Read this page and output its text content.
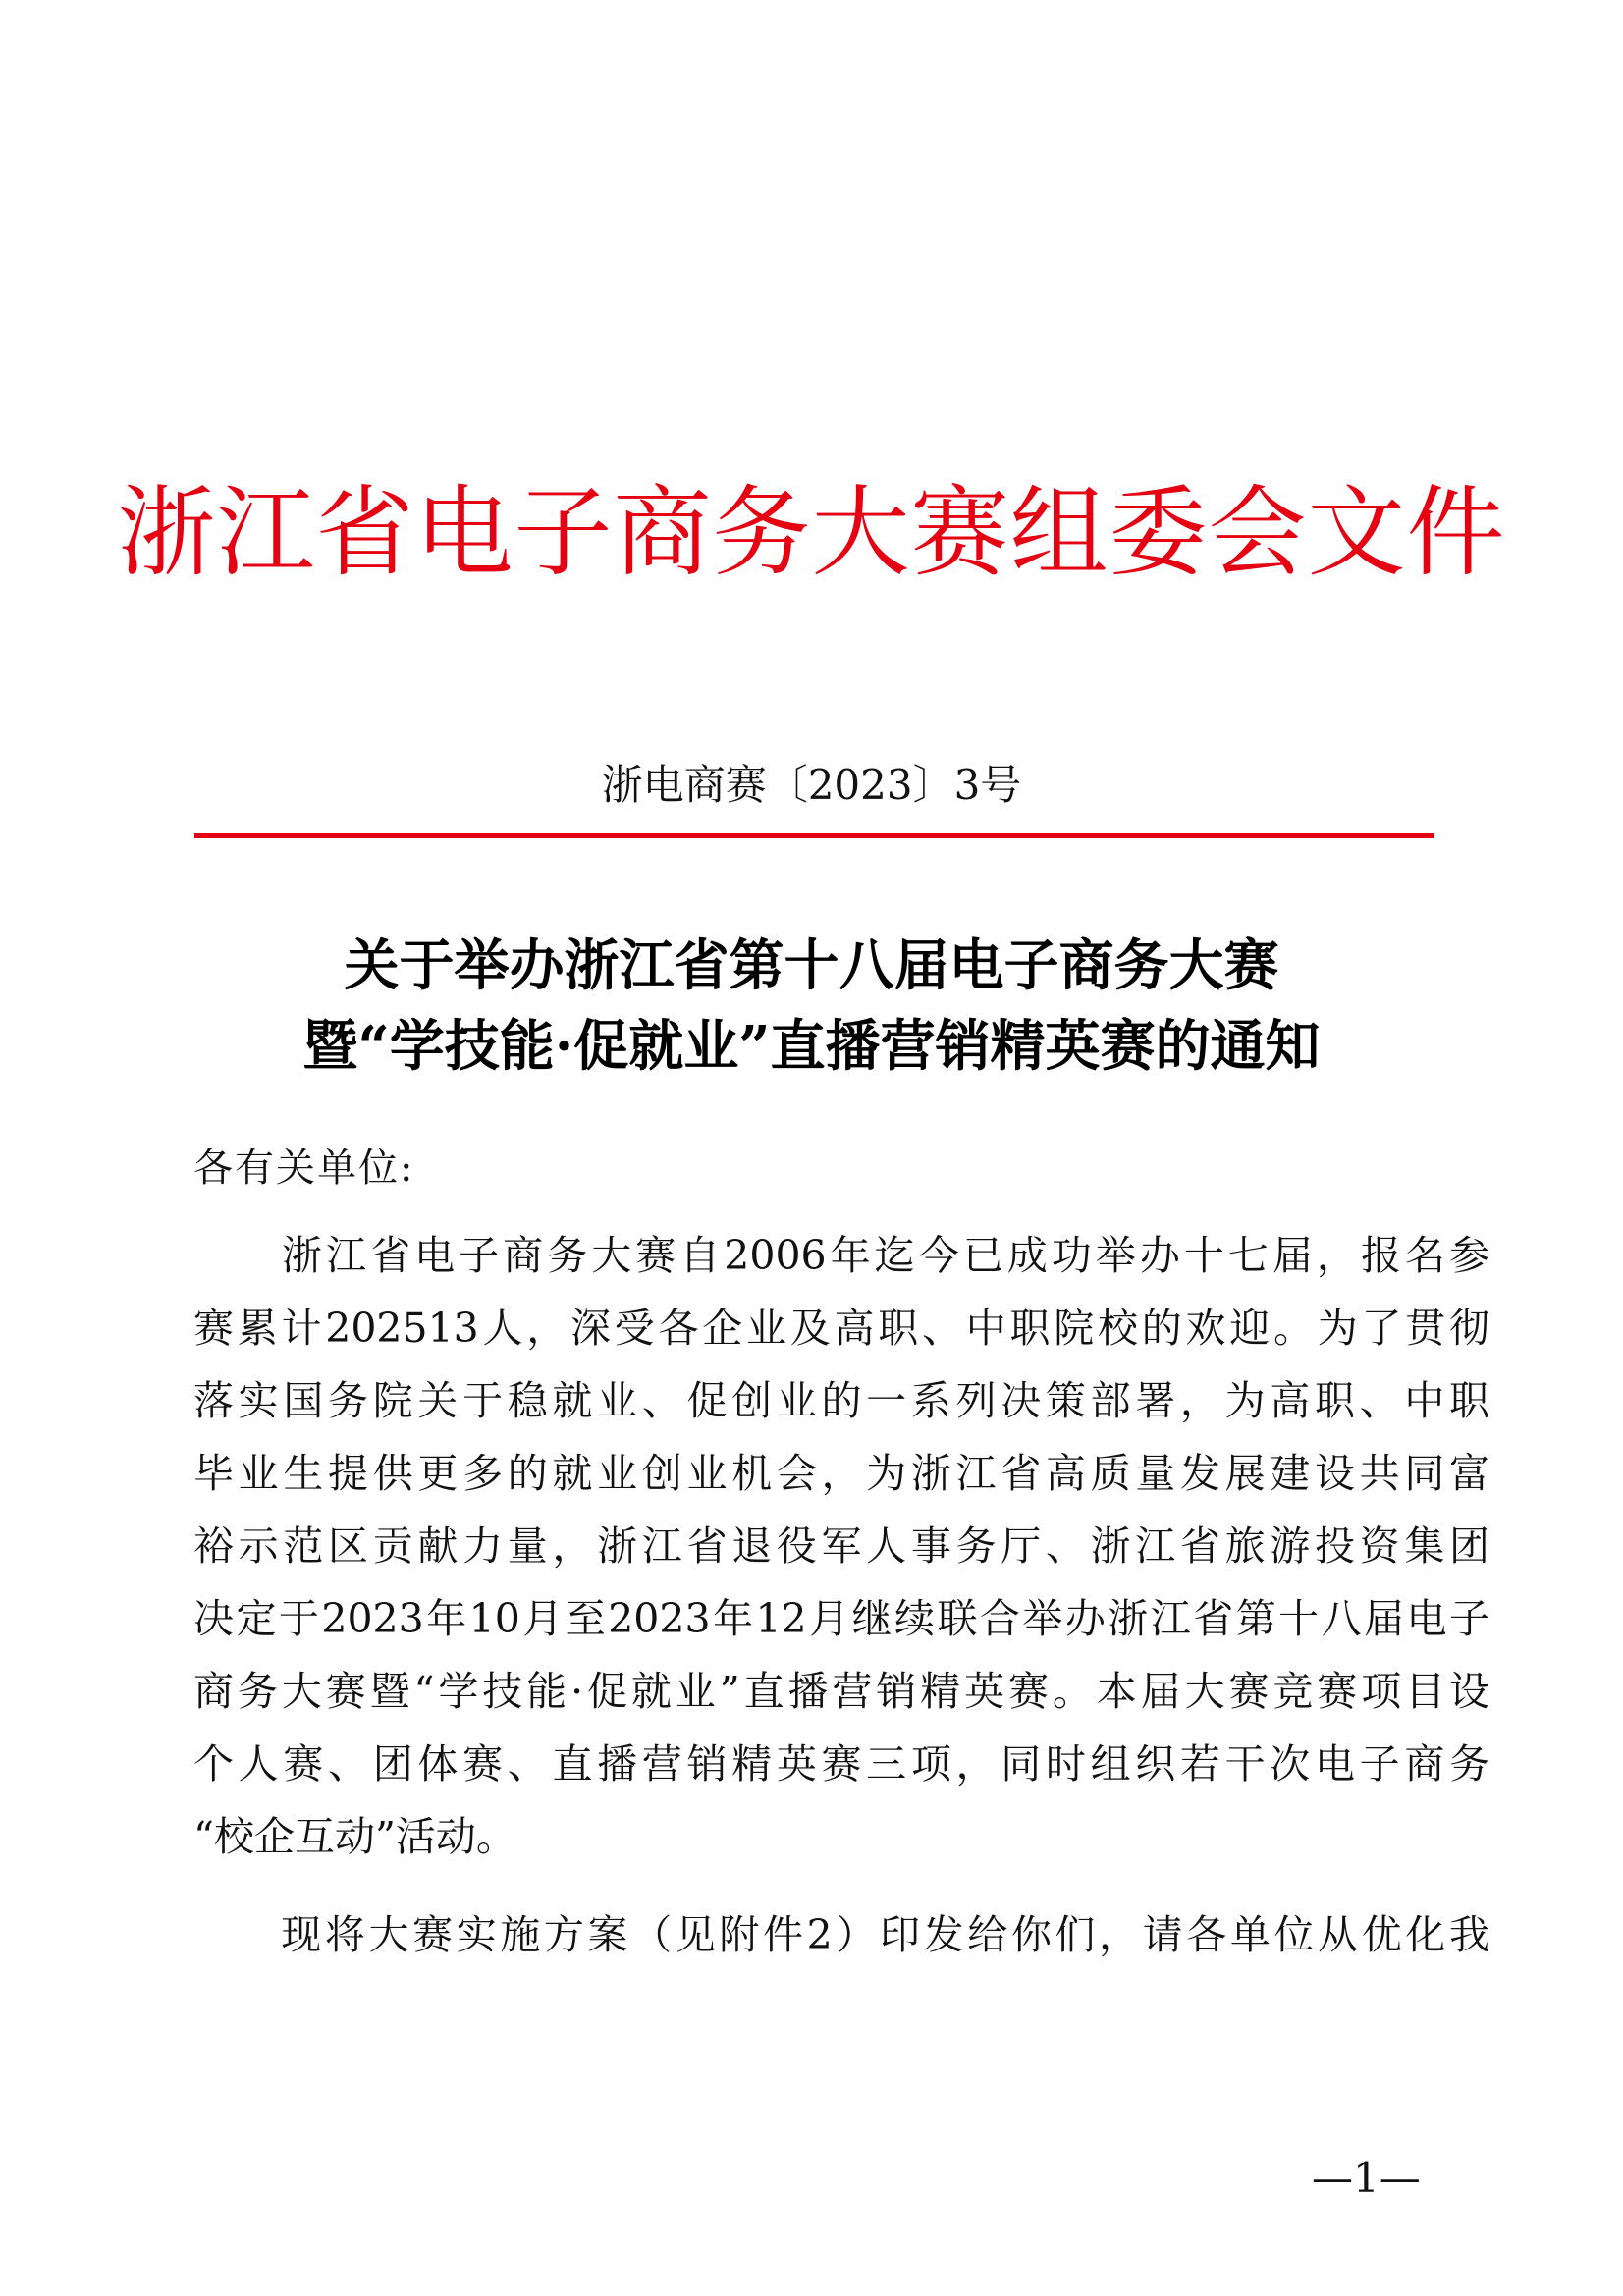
浙江省电子商务大赛组委会文件
浙电商赛〔2023〕3号
关于举办浙江省第十八届电子商务大赛
暨“学技能·促就业”直播营销精英赛的通知
各有关单位:
　　浙江省电子商务大赛自2006年迄今已成功举办十七届，报名参
赛累计202513人，深受各企业及高职、中职院校的欢迎。为了贯彻
落实国务院关于稳就业、促创业的一系列决策部署，为高职、中职
毕业生提供更多的就业创业机会，为浙江省高质量发展建设共同富
裕示范区贡献力量，浙江省退役军人事务厅、浙江省旅游投资集团
决定于2023年10月至2023年12月继续联合举办浙江省第十八届电子
商务大赛暨“学技能·促就业”直播营销精英赛。本届大赛竞赛项目设
个人赛、团体赛、直播营销精英赛三项，同时组织若干次电子商务
“校企互动”活动。
　　现将大赛实施方案（见附件2）印发给你们，请各单位从优化我
—1—
